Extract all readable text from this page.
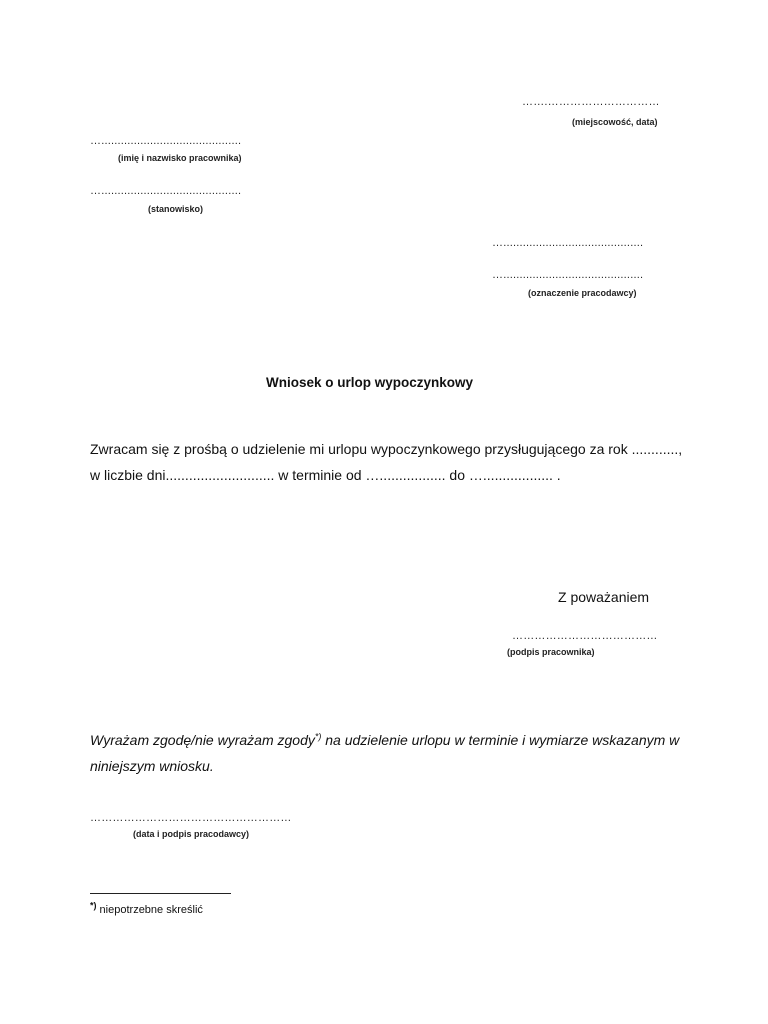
…….…………………………
(miejscowość, data)
…...........................................
(imię i nazwisko pracownika)
…...........................................
(stanowisko)
…...........................................
…...........................................
(oznaczenie pracodawcy)
Wniosek o urlop wypoczynkowy
Zwracam się z prośbą o udzielenie mi urlopu wypoczynkowego przysługującego za rok ............,
w liczbie dni............................ w terminie od …................. do ….................. .
Z poważaniem
…………………………………
(podpis pracownika)
Wyrażam zgodę/nie wyrażam zgody*) na udzielenie urlopu w terminie i wymiarze wskazanym w niniejszym wniosku.
………………………………………………
(data i podpis pracodawcy)
*) niepotrzebne skreślić
